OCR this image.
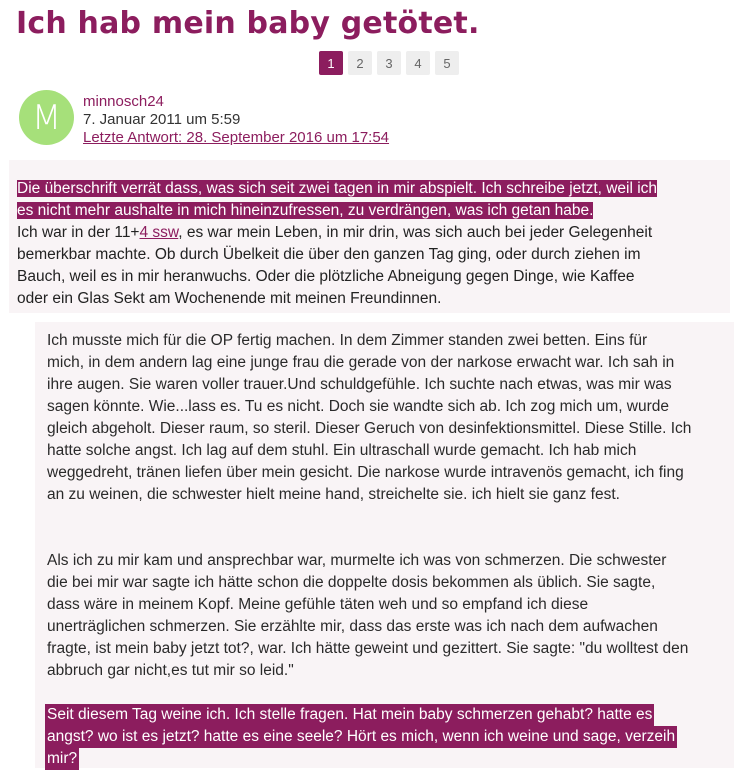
Ich hab mein baby getötet.
1	2	3	4	5
M minnosch24
7. Januar 2011 um 5:59
Letzte Antwort: 28. September 2016 um 17:54

Die überschrift verrät dass, was sich seit zwei tagen in mir abspielt. Ich schreibe jetzt, weil ich

es nicht mehr aushalte in mich hineinzufressen, zu verdrängen, was ich getan habe.

Ich war in der 11+4 ssw, es war mein Leben, in mir drin, was sich auch bei jeder Gelegenheit

bemerkbar machte. Ob durch Übelkeit die über den ganzen Tag ging, oder durch ziehen im

Bauch, weil es in mir heranwuchs. Oder die plötzliche Abneigung gegen Dinge, wie Kaffee

oder ein Glas Sekt am Wochenende mit meinen Freundinnen.

Ich musste mich für die OP fertig machen. In dem Zimmer standen zwei betten. Eins für

mich, in dem andern lag eine junge frau die gerade von der narkose erwacht war. Ich sah in

ihre augen. Sie waren voller trauer.Und schuldgefühle. Ich suchte nach etwas, was mir was

sagen könnte. Wie...lass es. Tu es nicht. Doch sie wandte sich ab. Ich zog mich um, wurde

gleich abgeholt. Dieser raum, so steril. Dieser Geruch von desinfektionsmittel. Diese Stille. Ich

hatte solche angst. Ich lag auf dem stuhl. Ein ultraschall wurde gemacht. Ich hab mich

weggedreht, tränen liefen über mein gesicht. Die narkose wurde intravenös gemacht, ich fing

an zu weinen, die schwester hielt meine hand, streichelte sie. ich hielt sie ganz fest.

Als ich zu mir kam und ansprechbar war, murmelte ich was von schmerzen. Die schwester

die bei mir war sagte ich hätte schon die doppelte dosis bekommen als üblich. Sie sagte,

dass wäre in meinem Kopf. Meine gefühle täten weh und so empfand ich diese

unerträglichen schmerzen. Sie erzählte mir, dass das erste was ich nach dem aufwachen

fragte, ist mein baby jetzt tot?, war. Ich hätte geweint und gezittert. Sie sagte: "du wolltest den

abbruch gar nicht,es tut mir so leid."

Seit diesem Tag weine ich. Ich stelle fragen. Hat mein baby schmerzen gehabt? hatte es

angst? wo ist es jetzt? hatte es eine seele? Hört es mich, wenn ich weine und sage, verzeih

mir?
